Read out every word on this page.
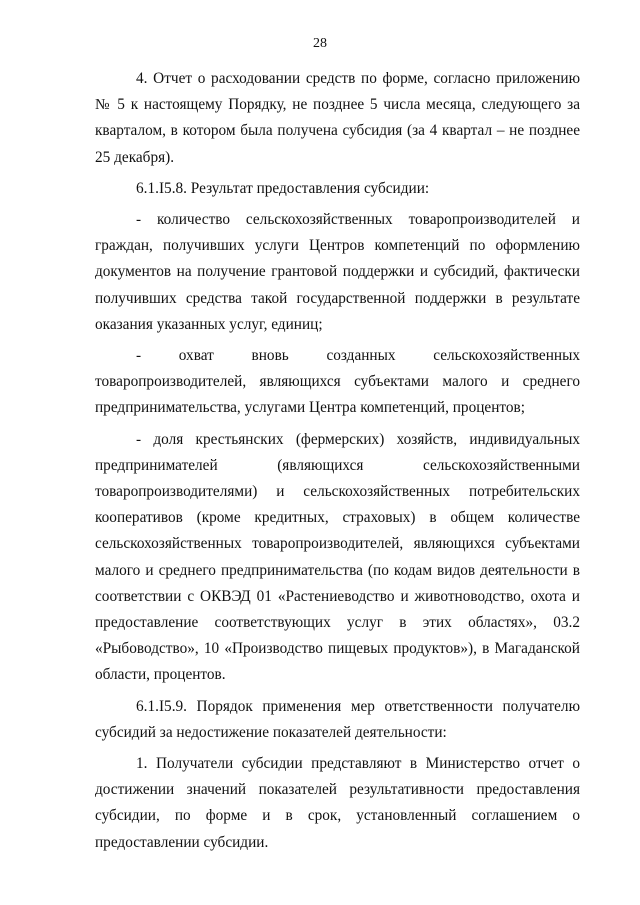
28

4. Отчет о расходовании средств по форме, согласно приложению № 5 к настоящему Порядку, не позднее 5 числа месяца, следующего за кварталом, в котором была получена субсидия (за 4 квартал – не позднее 25 декабря).

6.1.I5.8. Результат предоставления субсидии:

- количество сельскохозяйственных товаропроизводителей и граждан, получивших услуги Центров компетенций по оформлению документов на получение грантовой поддержки и субсидий, фактически получивших средства такой государственной поддержки в результате оказания указанных услуг, единиц;

- охват вновь созданных сельскохозяйственных товаропроизводителей, являющихся субъектами малого и среднего предпринимательства, услугами Центра компетенций, процентов;

- доля крестьянских (фермерских) хозяйств, индивидуальных предпринимателей (являющихся сельскохозяйственными товаропроизводителями) и сельскохозяйственных потребительских кооперативов (кроме кредитных, страховых) в общем количестве сельскохозяйственных товаропроизводителей, являющихся субъектами малого и среднего предпринимательства (по кодам видов деятельности в соответствии с ОКВЭД 01 «Растениеводство и животноводство, охота и предоставление соответствующих услуг в этих областях», 03.2 «Рыбоводство», 10 «Производство пищевых продуктов»), в Магаданской области, процентов.

6.1.I5.9. Порядок применения мер ответственности получателю субсидий за недостижение показателей деятельности:

1. Получатели субсидии представляют в Министерство отчет о достижении значений показателей результативности предоставления субсидии, по форме и в срок, установленный соглашением о предоставлении субсидии.
